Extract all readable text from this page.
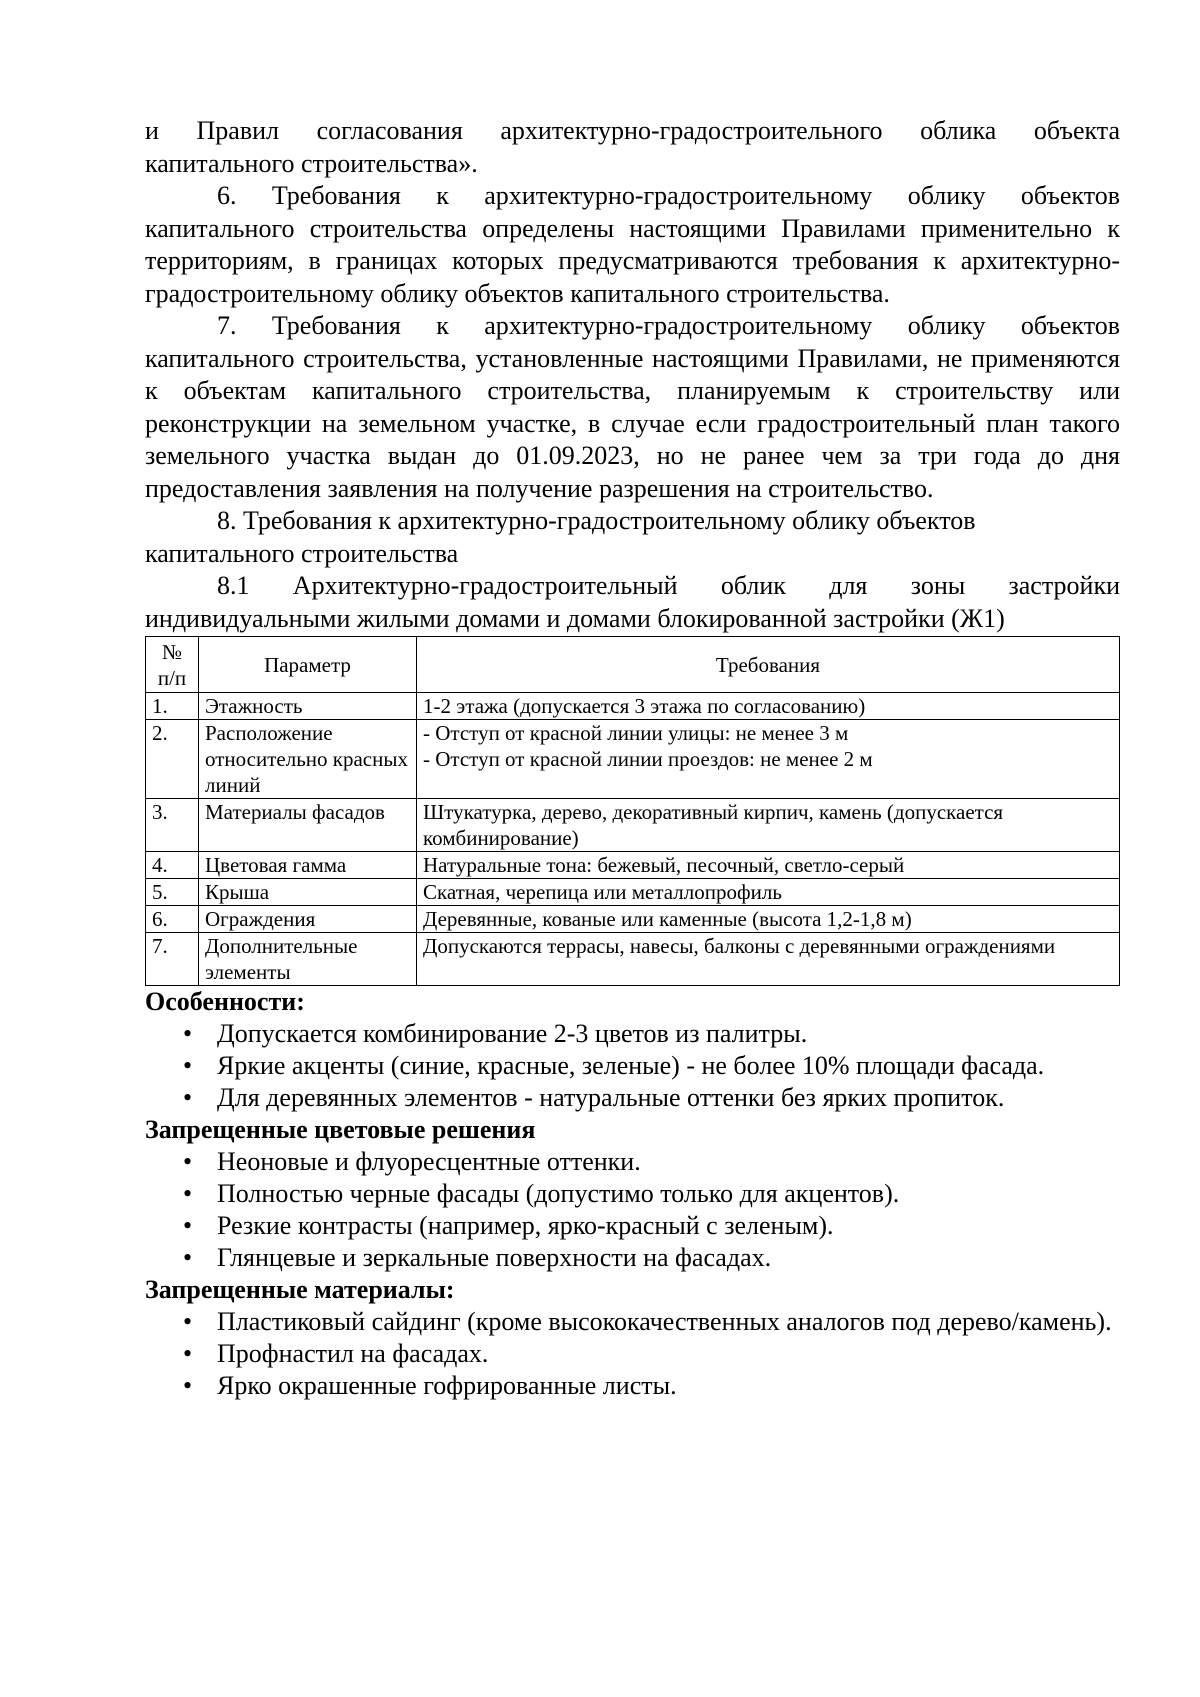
и Правил согласования архитектурно-градостроительного облика объекта капитального строительства».

6. Требования к архитектурно-градостроительному облику объектов капитального строительства определены настоящими Правилами применительно к территориям, в границах которых предусматриваются требования к архитектурно-градостроительному облику объектов капитального строительства.

7. Требования к архитектурно-градостроительному облику объектов капитального строительства, установленные настоящими Правилами, не применяются к объектам капитального строительства, планируемым к строительству или реконструкции на земельном участке, в случае если градостроительный план такого земельного участка выдан до 01.09.2023, но не ранее чем за три года до дня предоставления заявления на получение разрешения на строительство.

8. Требования к архитектурно-градостроительному облику объектов капитального строительства

8.1 Архитектурно-градостроительный облик для зоны застройки индивидуальными жилыми домами и домами блокированной застройки (Ж1)

№ п/п	Параметр	Требования
1.	Этажность	1-2 этажа (допускается 3 этажа по согласованию)
2.	Расположение относительно красных линий	- Отступ от красной линии улицы: не менее 3 м
- Отступ от красной линии проездов: не менее 2 м

3.	Материалы фасадов	Штукатурка, дерево, декоративный кирпич, камень (допускается комбинирование)
4.	Цветовая гамма	Натуральные тона: бежевый, песочный, светло-серый
5.	Крыша	Скатная, черепица или металлопрофиль
6.	Ограждения	Деревянные, кованые или каменные (высота 1,2-1,8 м)
7.	Дополнительные элементы	Допускаются террасы, навесы, балконы с деревянными ограждениями

Особенности:

• Допускается комбинирование 2-3 цветов из палитры.
• Яркие акценты (синие, красные, зеленые) - не более 10% площади фасада.
• Для деревянных элементов - натуральные оттенки без ярких пропиток.

Запрещенные цветовые решения

• Неоновые и флуоресцентные оттенки.
• Полностью черные фасады (допустимо только для акцентов).
• Резкие контрасты (например, ярко-красный с зеленым).
• Глянцевые и зеркальные поверхности на фасадах.

Запрещенные материалы:

• Пластиковый сайдинг (кроме высококачественных аналогов под дерево/камень).
• Профнастил на фасадах.
• Ярко окрашенные гофрированные листы.
